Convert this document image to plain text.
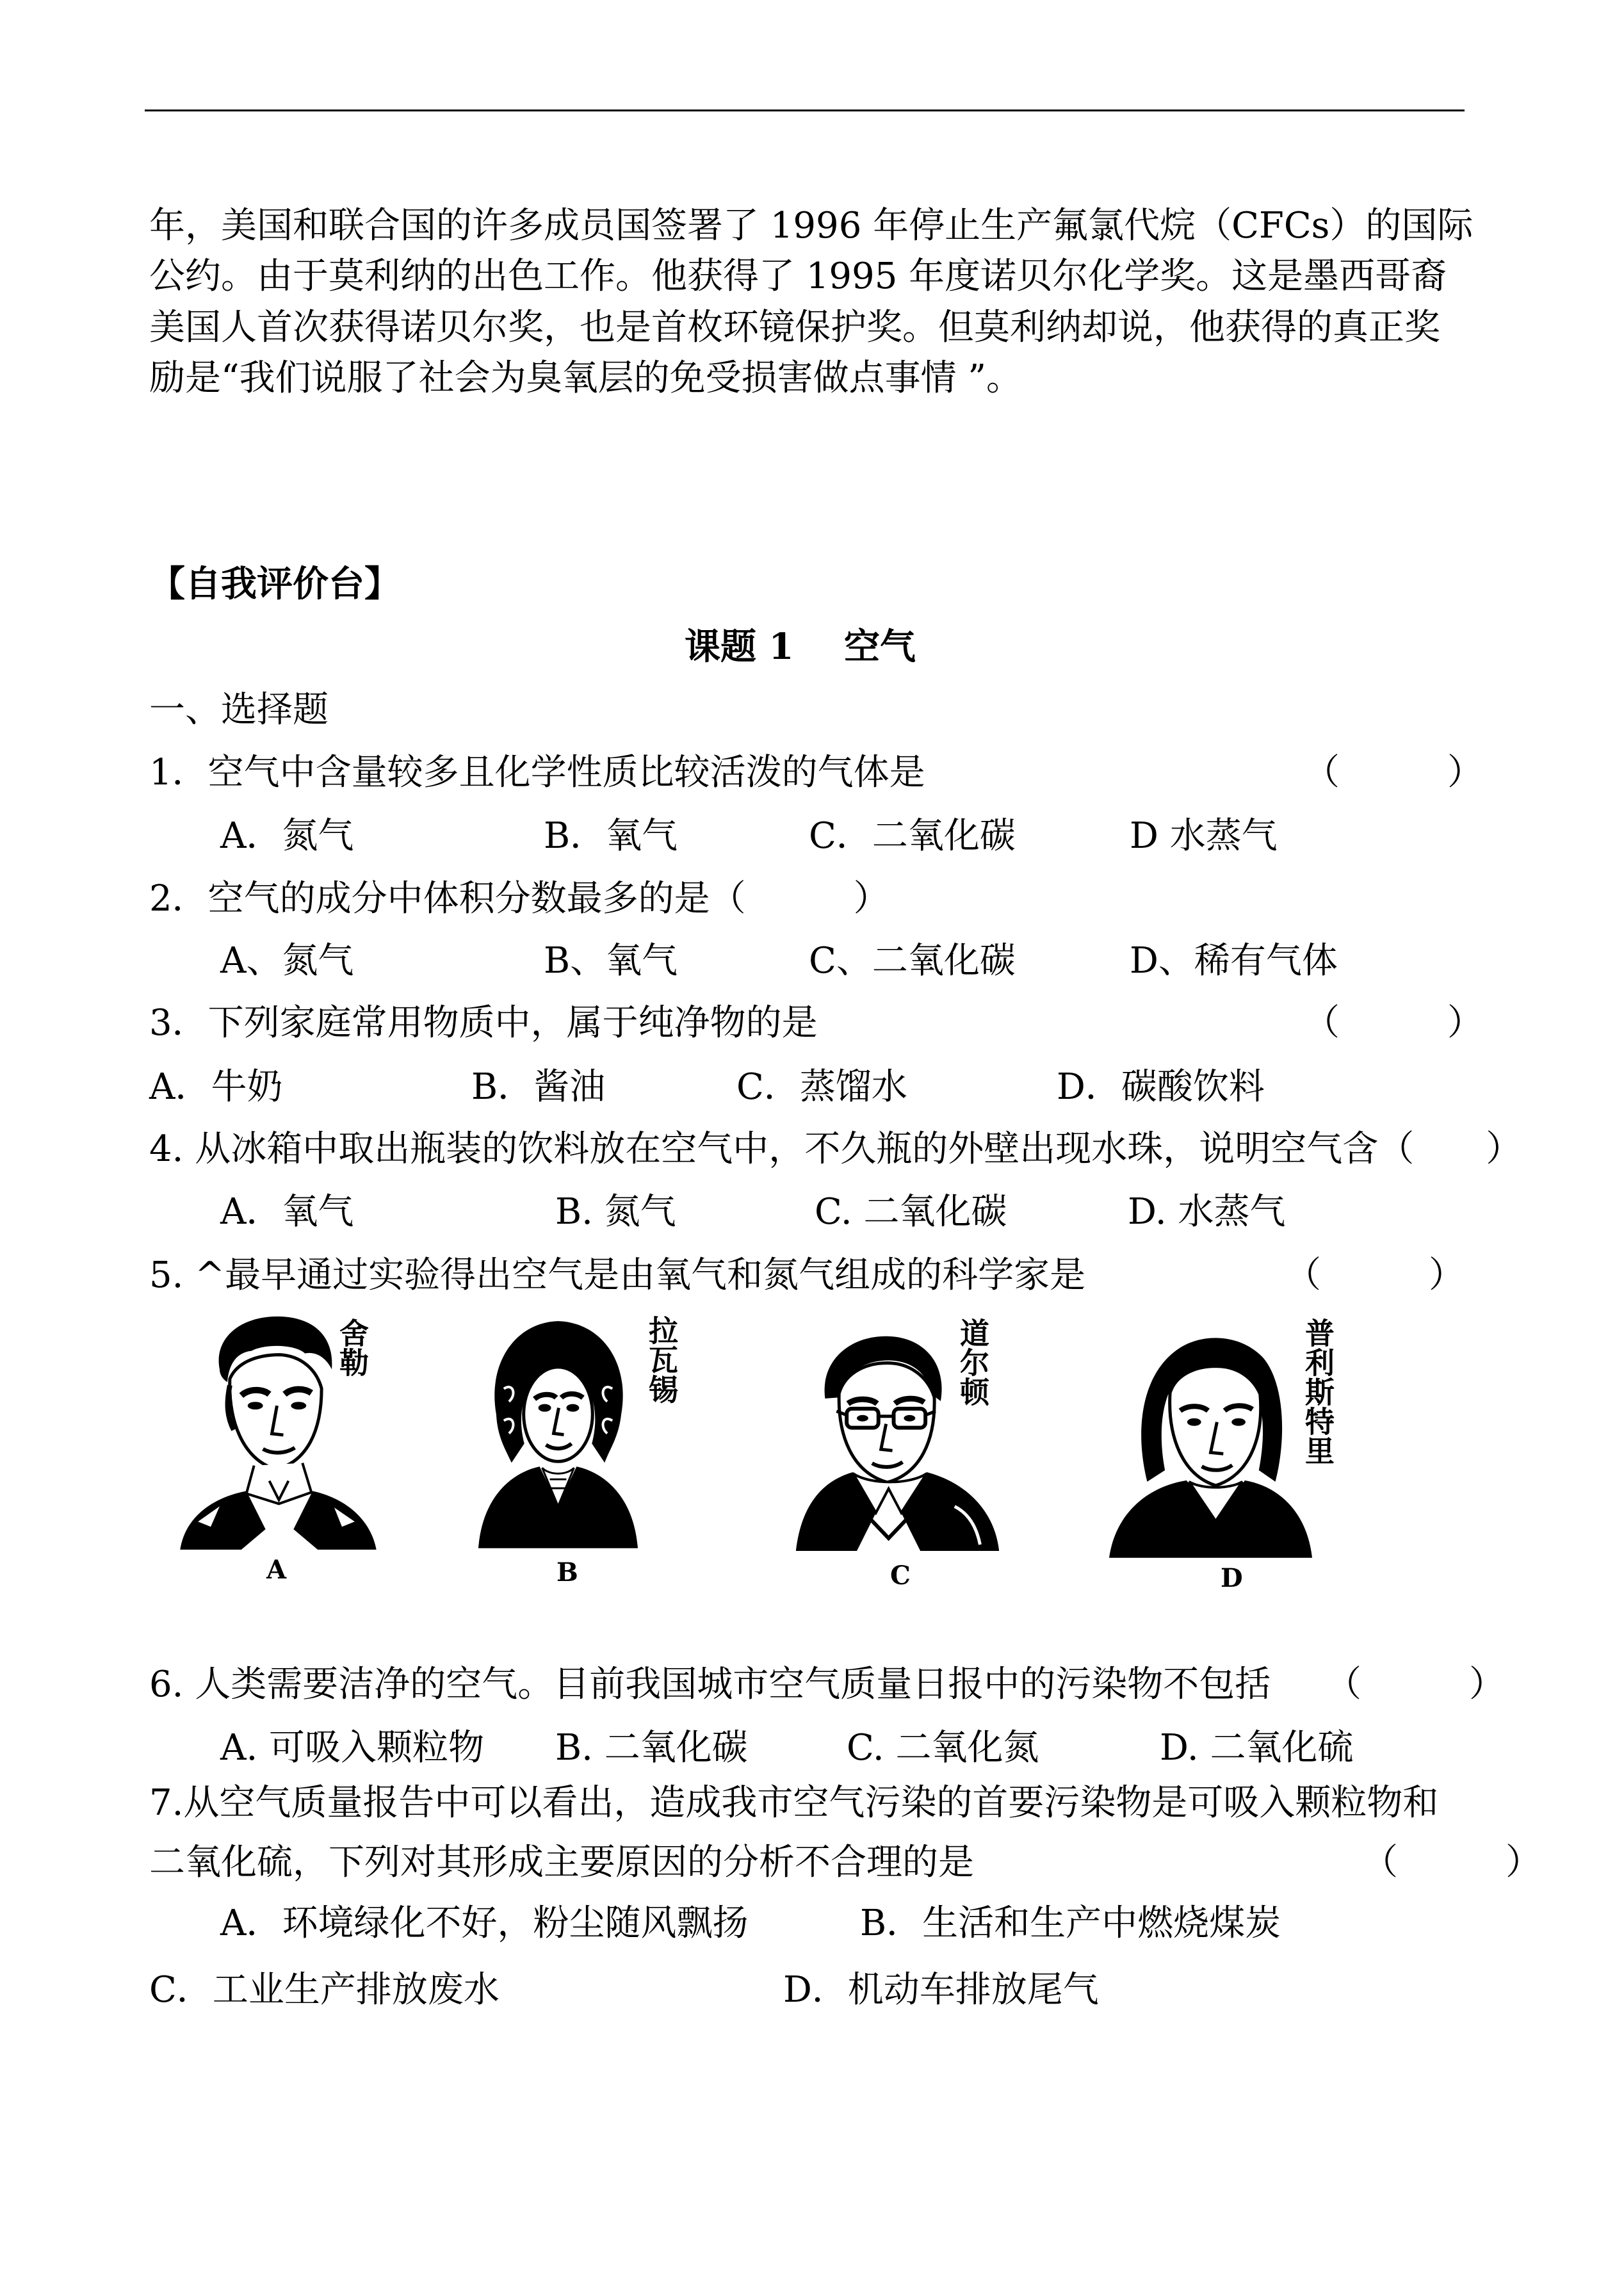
年，美国和联合国的许多成员国签署了 1996 年停止生产氟氯代烷（CFCs）的国际
公约。由于莫利纳的出色工作。他获得了 1995 年度诺贝尔化学奖。这是墨西哥裔
美国人首次获得诺贝尔奖，也是首枚环镜保护奖。但莫利纳却说，他获得的真正奖
励是“我们说服了社会为臭氧层的免受损害做点事情 ”。
【自我评价台】
课题 1 空气
一、选择题
1．空气中含量较多且化学性质比较活泼的气体是	（　　　）
A．氮气	B．氧气	C．二氧化碳	D 水蒸气
2．空气的成分中体积分数最多的是（　　　）
A、氮气	B、氧气	C、二氧化碳	D、稀有气体
3．下列家庭常用物质中，属于纯净物的是	（　　　）
A．牛奶	B．酱油	C．蒸馏水	D．碳酸饮料
4. 从冰箱中取出瓶装的饮料放在空气中，不久瓶的外壁出现水珠，说明空气含（　　）
A．氧气	B. 氮气	C. 二氧化碳	D. 水蒸气
5. ^最早通过实验得出空气是由氧气和氮气组成的科学家是	（　　　）
舍勒
A
拉瓦锡
B
道尔顿
C
普利斯特里
D
6. 人类需要洁净的空气。目前我国城市空气质量日报中的污染物不包括 （　　　）
A. 可吸入颗粒物 B. 二氧化碳	C. 二氧化氮	D. 二氧化硫
7.从空气质量报告中可以看出，造成我市空气污染的首要污染物是可吸入颗粒物和
二氧化硫，下列对其形成主要原因的分析不合理的是	（　　　）
A．环境绿化不好，粉尘随风飘扬	B．生活和生产中燃烧煤炭
C．工业生产排放废水	D．机动车排放尾气
